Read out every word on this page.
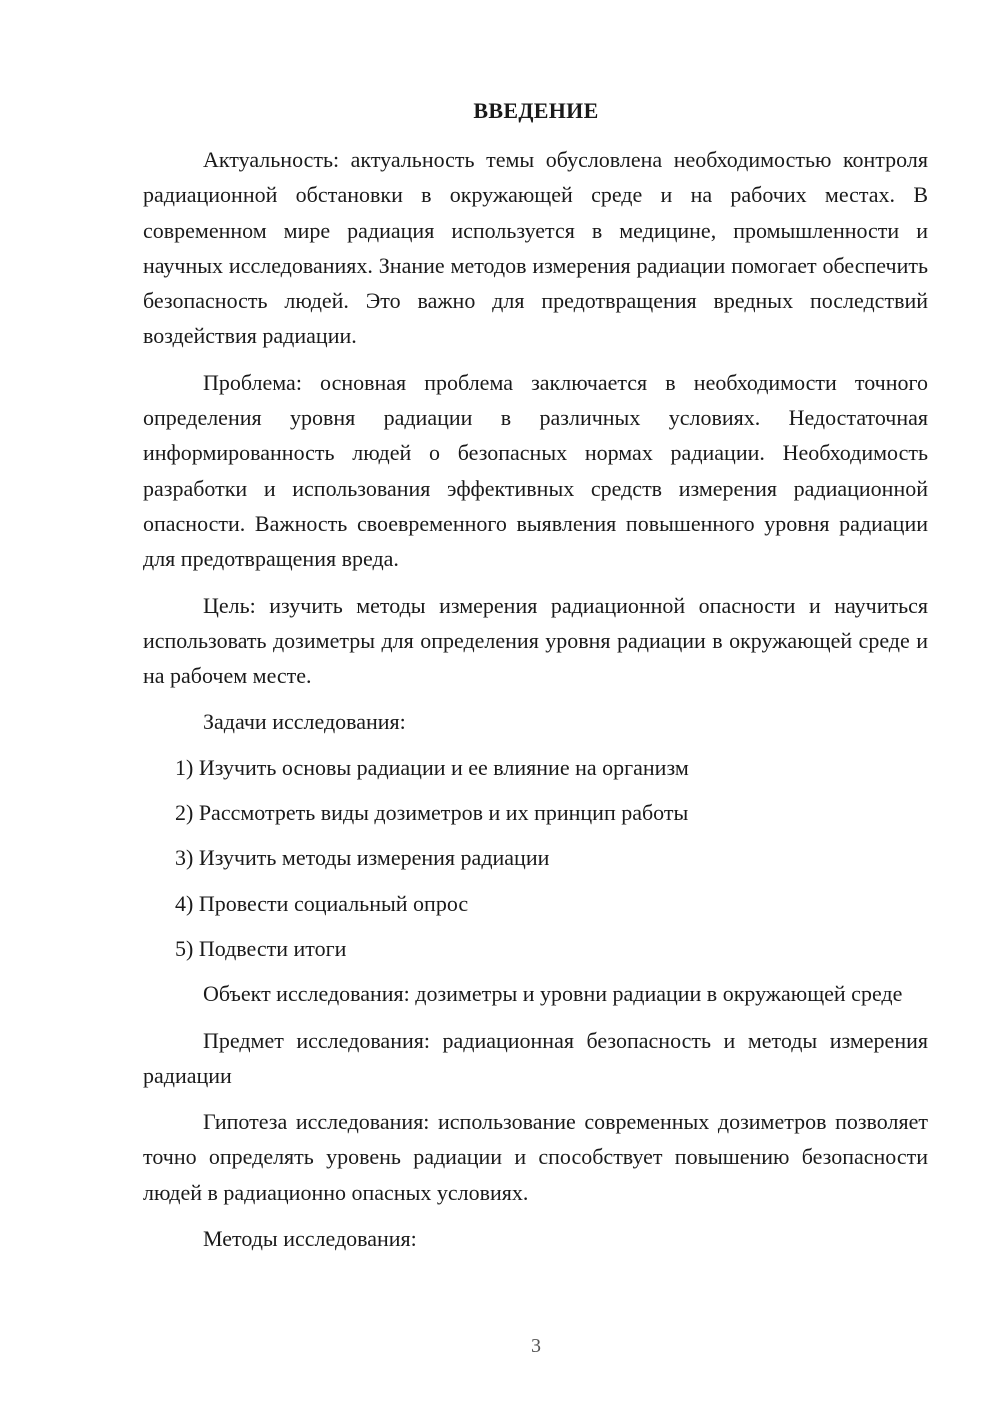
ВВЕДЕНИЕ

Актуальность: актуальность темы обусловлена необходимостью контроля радиационной обстановки в окружающей среде и на рабочих местах. В современном мире радиация используется в медицине, промышленности и научных исследованиях. Знание методов измерения радиации помогает обеспечить безопасность людей. Это важно для предотвращения вредных последствий воздействия радиации.

Проблема: основная проблема заключается в необходимости точного определения уровня радиации в различных условиях. Недостаточная информированность людей о безопасных нормах радиации. Необходимость разработки и использования эффективных средств измерения радиационной опасности. Важность своевременного выявления повышенного уровня радиации для предотвращения вреда.

Цель: изучить методы измерения радиационной опасности и научиться использовать дозиметры для определения уровня радиации в окружающей среде и на рабочем месте.

Задачи исследования:

1) Изучить основы радиации и ее влияние на организм

2) Рассмотреть виды дозиметров и их принцип работы

3) Изучить методы измерения радиации

4) Провести социальный опрос

5) Подвести итоги

Объект исследования: дозиметры и уровни радиации в окружающей среде

Предмет исследования: радиационная безопасность и методы измерения радиации

Гипотеза исследования: использование современных дозиметров позволяет точно определять уровень радиации и способствует повышению безопасности людей в радиационно опасных условиях.

Методы исследования:

3
